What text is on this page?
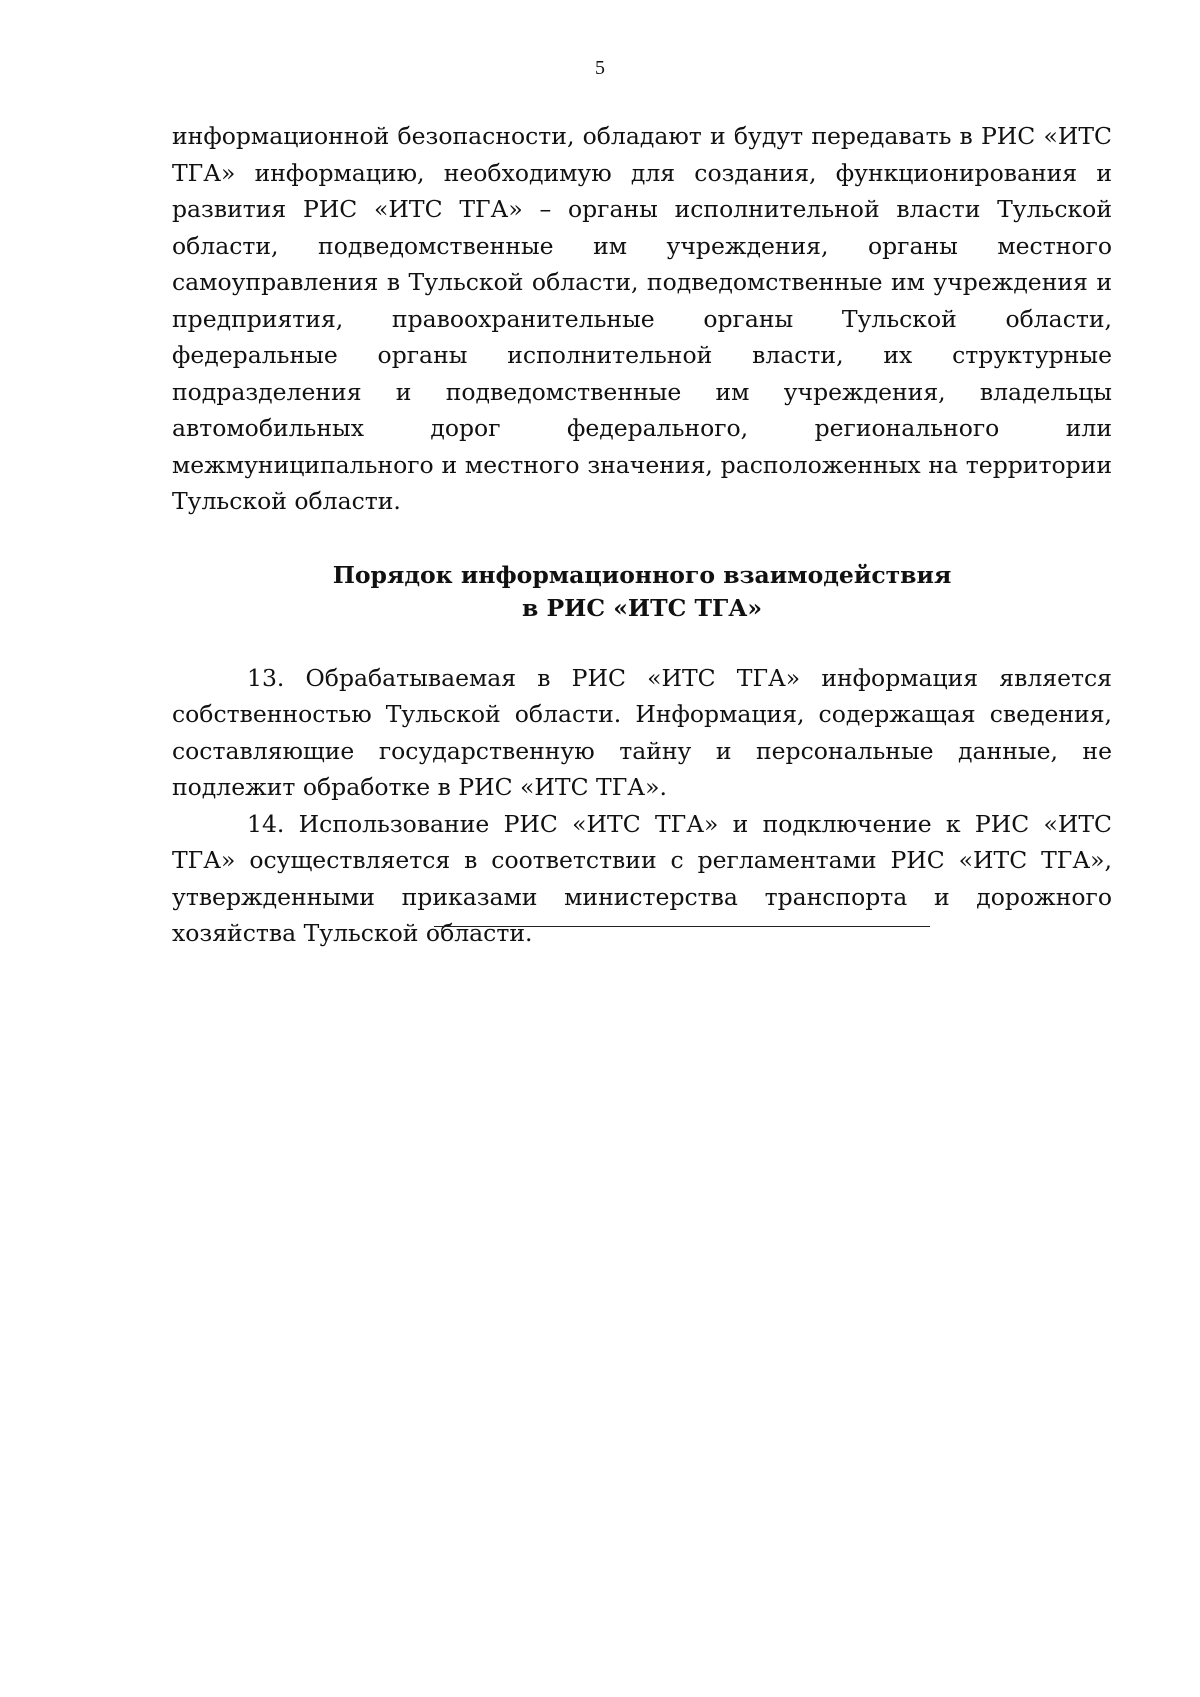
5

информационной безопасности, обладают и будут передавать в РИС «ИТС ТГА» информацию, необходимую для создания, функционирования и развития РИС «ИТС ТГА» – органы исполнительной власти Тульской области, подведомственные им учреждения, органы местного самоуправления в Тульской области, подведомственные им учреждения и предприятия, правоохранительные органы Тульской области, федеральные органы исполнительной власти, их структурные подразделения и подведомственные им учреждения, владельцы автомобильных дорог федерального, регионального или межмуниципального и местного значения, расположенных на территории Тульской области.

Порядок информационного взаимодействия
в РИС «ИТС ТГА»

13. Обрабатываемая в РИС «ИТС ТГА» информация является собственностью Тульской области. Информация, содержащая сведения, составляющие государственную тайну и персональные данные, не подлежит обработке в РИС «ИТС ТГА».

14. Использование РИС «ИТС ТГА» и подключение к РИС «ИТС ТГА» осуществляется в соответствии с регламентами РИС «ИТС ТГА», утвержденными приказами министерства транспорта и дорожного хозяйства Тульской области.
